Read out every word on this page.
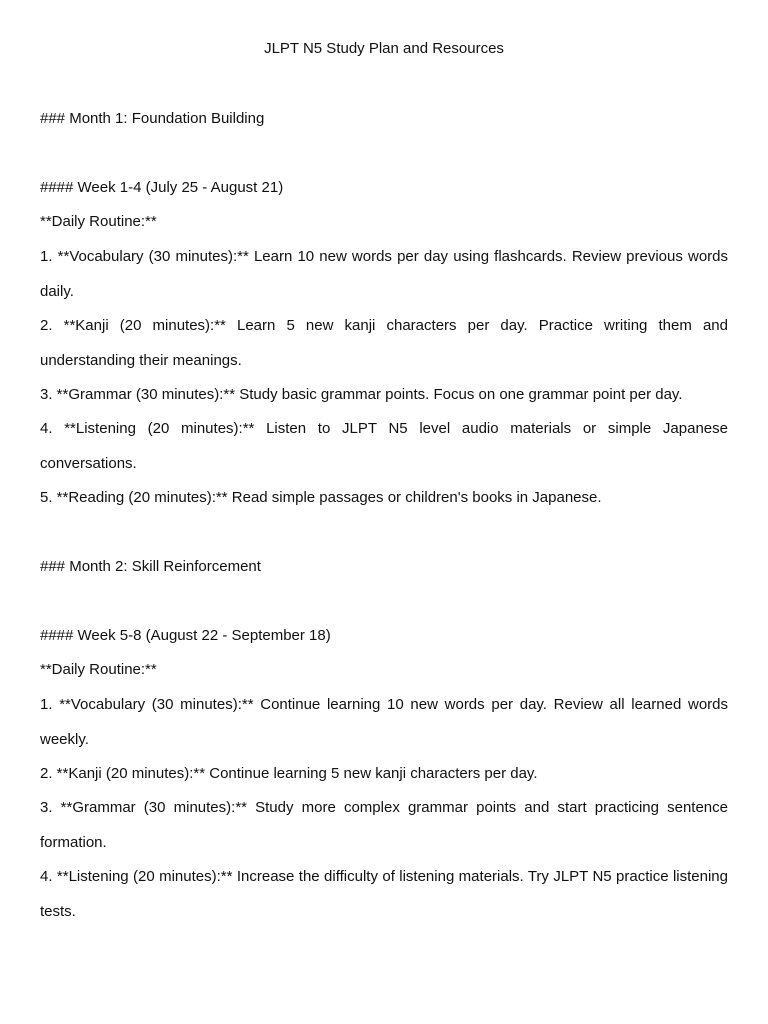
JLPT N5 Study Plan and Resources
### Month 1: Foundation Building
#### Week 1-4 (July 25 - August 21)
**Daily Routine:**
1. **Vocabulary (30 minutes):** Learn 10 new words per day using flashcards. Review previous words daily.
2. **Kanji (20 minutes):** Learn 5 new kanji characters per day. Practice writing them and understanding their meanings.
3. **Grammar (30 minutes):** Study basic grammar points. Focus on one grammar point per day.
4. **Listening (20 minutes):** Listen to JLPT N5 level audio materials or simple Japanese conversations.
5. **Reading (20 minutes):** Read simple passages or children's books in Japanese.
### Month 2: Skill Reinforcement
#### Week 5-8 (August 22 - September 18)
**Daily Routine:**
1. **Vocabulary (30 minutes):** Continue learning 10 new words per day. Review all learned words weekly.
2. **Kanji (20 minutes):** Continue learning 5 new kanji characters per day.
3. **Grammar (30 minutes):** Study more complex grammar points and start practicing sentence formation.
4. **Listening (20 minutes):** Increase the difficulty of listening materials. Try JLPT N5 practice listening tests.
